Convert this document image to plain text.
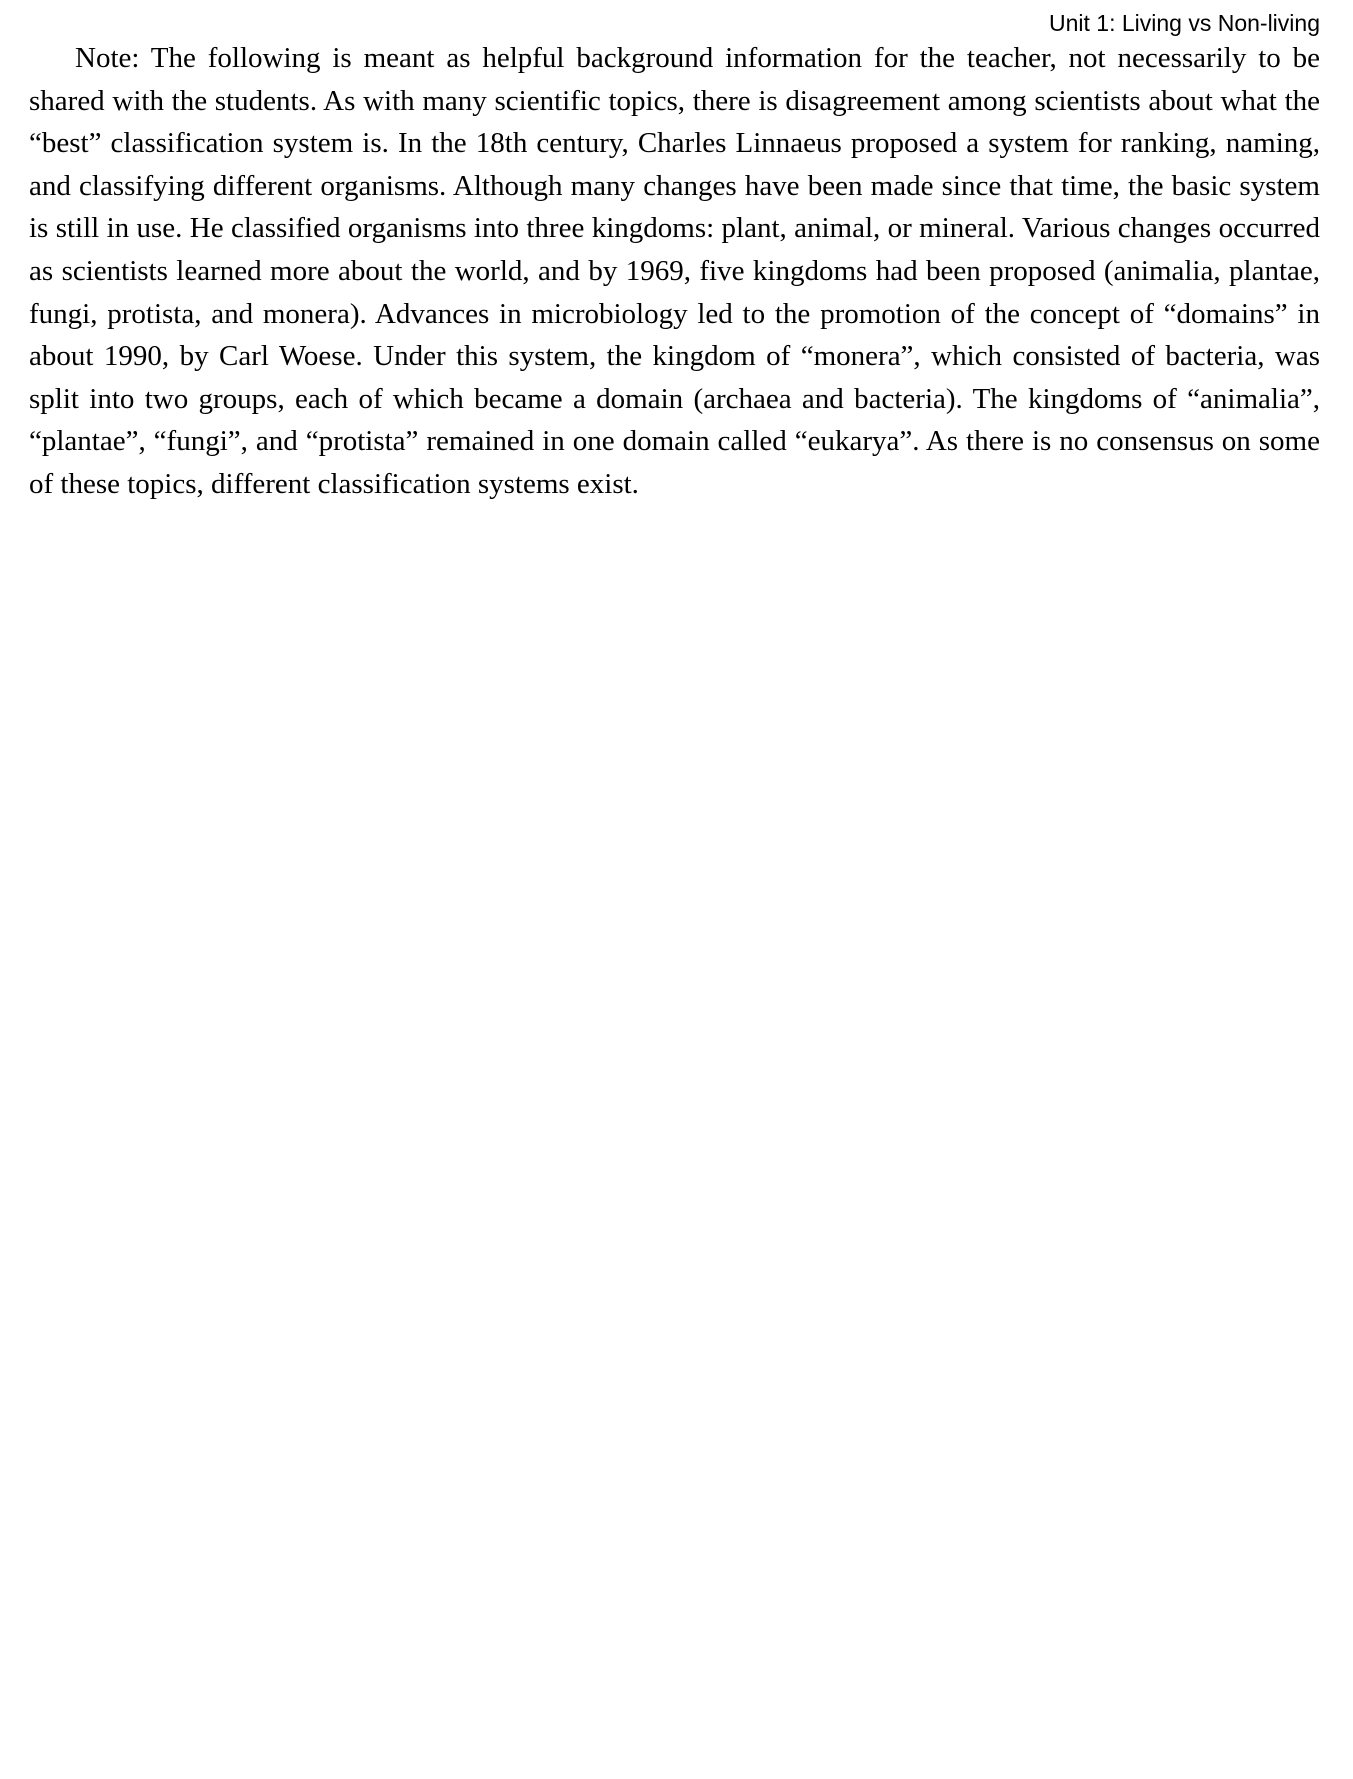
Unit 1: Living vs Non-living

Note: The following is meant as helpful background information for the teacher, not necessarily to be shared with the students. As with many scientific topics, there is disagreement among scientists about what the “best” classification system is. In the 18th century, Charles Linnaeus proposed a system for ranking, naming, and classifying different organisms. Although many changes have been made since that time, the basic system is still in use. He classified organisms into three kingdoms: plant, animal, or mineral. Various changes occurred as scientists learned more about the world, and by 1969, five kingdoms had been proposed (animalia, plantae, fungi, protista, and monera). Advances in microbiology led to the promotion of the concept of “domains” in about 1990, by Carl Woese. Under this system, the kingdom of “monera”, which consisted of bacteria, was split into two groups, each of which became a domain (archaea and bacteria). The kingdoms of “animalia”, “plantae”, “fungi”, and “protista” remained in one domain called “eukarya”. As there is no consensus on some of these topics, different classification systems exist.
